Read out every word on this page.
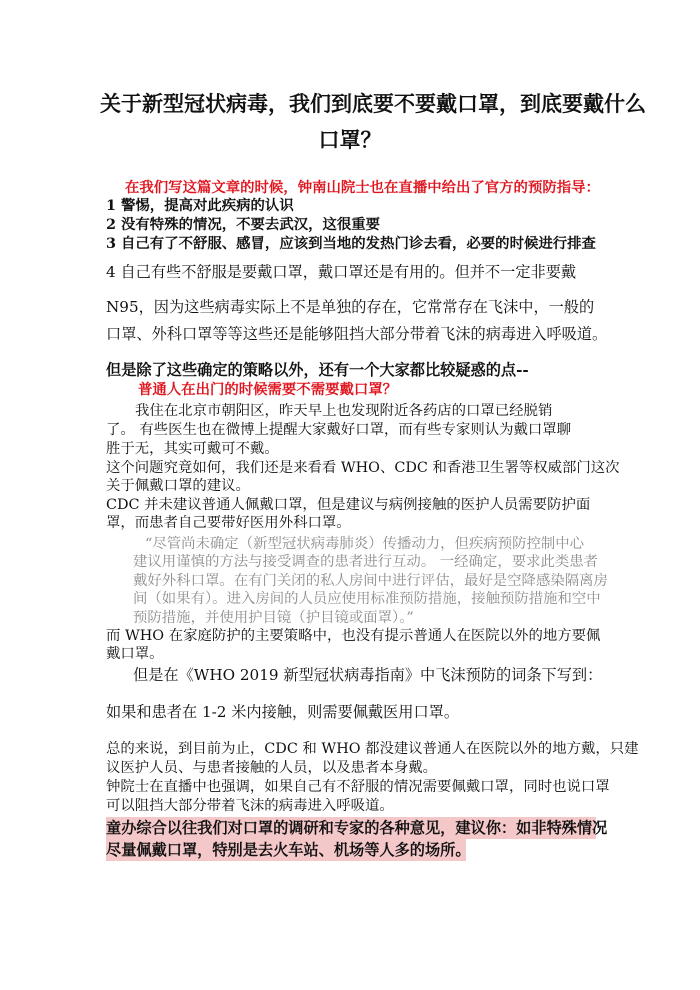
关于新型冠状病毒，我们到底要不要戴口罩，到底要戴什么
口罩？
在我们写这篇文章的时候，钟南山院士也在直播中给出了官方的预防指导：
1 警惕，提高对此疾病的认识
2 没有特殊的情况，不要去武汉，这很重要
3 自己有了不舒服、感冒，应该到当地的发热门诊去看，必要的时候进行排查
4 自己有些不舒服是要戴口罩，戴口罩还是有用的。但并不一定非要戴
N95，因为这些病毒实际上不是单独的存在，它常常存在飞沫中，一般的
口罩、外科口罩等等这些还是能够阻挡大部分带着飞沫的病毒进入呼吸道。
但是除了这些确定的策略以外，还有一个大家都比较疑惑的点--
普通人在出门的时候需要不需要戴口罩？
我住在北京市朝阳区，昨天早上也发现附近各药店的口罩已经脱销
了。 有些医生也在微博上提醒大家戴好口罩，而有些专家则认为戴口罩聊
胜于无，其实可戴可不戴。
这个问题究竟如何，我们还是来看看 WHO、CDC 和香港卫生署等权威部门这次
关于佩戴口罩的建议。
CDC 并未建议普通人佩戴口罩，但是建议与病例接触的医护人员需要防护面
罩，而患者自己要带好医用外科口罩。
“尽管尚未确定（新型冠状病毒肺炎）传播动力，但疾病预防控制中心
建议用谨慎的方法与接受调查的患者进行互动。 一经确定，要求此类患者
戴好外科口罩。在有门关闭的私人房间中进行评估，最好是空降感染隔离房
间（如果有）。进入房间的人员应使用标准预防措施，接触预防措施和空中
预防措施，并使用护目镜（护目镜或面罩）。”
而 WHO 在家庭防护的主要策略中，也没有提示普通人在医院以外的地方要佩
戴口罩。
但是在《WHO 2019 新型冠状病毒指南》中飞沫预防的词条下写到：
如果和患者在 1-2 米内接触，则需要佩戴医用口罩。
总的来说，到目前为止，CDC 和 WHO 都没建议普通人在医院以外的地方戴，只建
议医护人员、与患者接触的人员，以及患者本身戴。
钟院士在直播中也强调，如果自己有不舒服的情况需要佩戴口罩，同时也说口罩
可以阻挡大部分带着飞沫的病毒进入呼吸道。
童办综合以往我们对口罩的调研和专家的各种意见，建议你：如非特殊情况
尽量佩戴口罩，特别是去火车站、机场等人多的场所。
